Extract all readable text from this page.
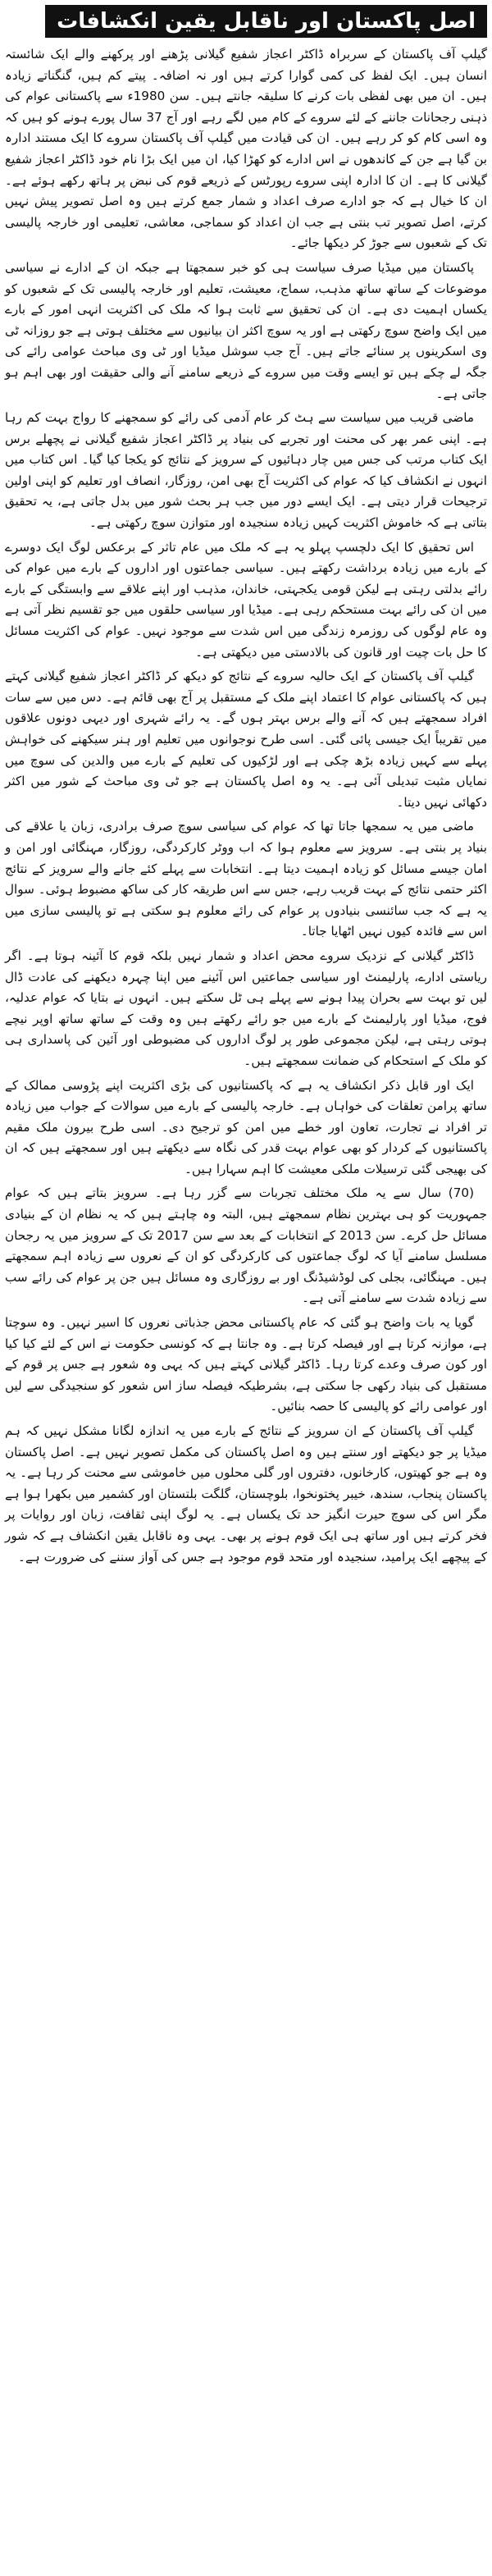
اصل پاکستان اور ناقابل یقین انکشافات

گیلپ آف پاکستان کے سربراہ ڈاکٹر اعجاز شفیع گیلانی پڑھنے اور پرکھنے والے ایک شائستہ انسان ہیں۔ ایک لفظ کی کمی گوارا کرتے ہیں اور نہ اضافہ۔ پیتے کم ہیں، گنگناتے زیادہ ہیں۔ ان میں بھی لفظی بات کرنے کا سلیقہ جانتے ہیں۔ سن 1980ء سے پاکستانی عوام کی ذہنی رجحانات جاننے کے لئے سروے کے کام میں لگے رہے اور آج 37 سال پورے ہونے کو ہیں کہ وہ اسی کام کو کر رہے ہیں۔ ان کی قیادت میں گیلپ آف پاکستان سروے کا ایک مستند ادارہ بن گیا ہے جن کے کاندھوں نے اس ادارے کو کھڑا کیا، ان میں ایک بڑا نام خود ڈاکٹر اعجاز شفیع گیلانی کا ہے۔ ان کا ادارہ اپنی سروے رپورٹس کے ذریعے قوم کی نبض پر ہاتھ رکھے ہوئے ہے۔ ان کا خیال ہے کہ جو ادارے صرف اعداد و شمار جمع کرتے ہیں وہ اصل تصویر پیش نہیں کرتے، اصل تصویر تب بنتی ہے جب ان اعداد کو سماجی، معاشی، تعلیمی اور خارجہ پالیسی تک کے شعبوں سے جوڑ کر دیکھا جائے۔

پاکستان میں میڈیا صرف سیاست ہی کو خبر سمجھتا ہے جبکہ ان کے ادارے نے سیاسی موضوعات کے ساتھ ساتھ مذہب، سماج، معیشت، تعلیم اور خارجہ پالیسی تک کے شعبوں کو یکساں اہمیت دی ہے۔ ان کی تحقیق سے ثابت ہوا کہ ملک کی اکثریت انہی امور کے بارے میں ایک واضح سوچ رکھتی ہے اور یہ سوچ اکثر ان بیانیوں سے مختلف ہوتی ہے جو روزانہ ٹی وی اسکرینوں پر سنائے جاتے ہیں۔ آج جب سوشل میڈیا اور ٹی وی مباحث عوامی رائے کی جگہ لے چکے ہیں تو ایسے وقت میں سروے کے ذریعے سامنے آنے والی حقیقت اور بھی اہم ہو جاتی ہے۔

ماضی قریب میں سیاست سے ہٹ کر عام آدمی کی رائے کو سمجھنے کا رواج بہت کم رہا ہے۔ اپنی عمر بھر کی محنت اور تجربے کی بنیاد پر ڈاکٹر اعجاز شفیع گیلانی نے پچھلے برس ایک کتاب مرتب کی جس میں چار دہائیوں کے سرویز کے نتائج کو یکجا کیا گیا۔ اس کتاب میں انہوں نے انکشاف کیا کہ عوام کی اکثریت آج بھی امن، روزگار، انصاف اور تعلیم کو اپنی اولین ترجیحات قرار دیتی ہے۔ ایک ایسے دور میں جب ہر بحث شور میں بدل جاتی ہے، یہ تحقیق بتاتی ہے کہ خاموش اکثریت کہیں زیادہ سنجیدہ اور متوازن سوچ رکھتی ہے۔

اس تحقیق کا ایک دلچسپ پہلو یہ ہے کہ ملک میں عام تاثر کے برعکس لوگ ایک دوسرے کے بارے میں زیادہ برداشت رکھتے ہیں۔ سیاسی جماعتوں اور اداروں کے بارے میں عوام کی رائے بدلتی رہتی ہے لیکن قومی یکجہتی، خاندان، مذہب اور اپنے علاقے سے وابستگی کے بارے میں ان کی رائے بہت مستحکم رہی ہے۔ میڈیا اور سیاسی حلقوں میں جو تقسیم نظر آتی ہے وہ عام لوگوں کی روزمرہ زندگی میں اس شدت سے موجود نہیں۔ عوام کی اکثریت مسائل کا حل بات چیت اور قانون کی بالادستی میں دیکھتی ہے۔

گیلپ آف پاکستان کے ایک حالیہ سروے کے نتائج کو دیکھ کر ڈاکٹر اعجاز شفیع گیلانی کہتے ہیں کہ پاکستانی عوام کا اعتماد اپنے ملک کے مستقبل پر آج بھی قائم ہے۔ دس میں سے سات افراد سمجھتے ہیں کہ آنے والے برس بہتر ہوں گے۔ یہ رائے شہری اور دیہی دونوں علاقوں میں تقریباً ایک جیسی پائی گئی۔ اسی طرح نوجوانوں میں تعلیم اور ہنر سیکھنے کی خواہش پہلے سے کہیں زیادہ بڑھ چکی ہے اور لڑکیوں کی تعلیم کے بارے میں والدین کی سوچ میں نمایاں مثبت تبدیلی آئی ہے۔ یہ وہ اصل پاکستان ہے جو ٹی وی مباحث کے شور میں اکثر دکھائی نہیں دیتا۔

ماضی میں یہ سمجھا جاتا تھا کہ عوام کی سیاسی سوچ صرف برادری، زبان یا علاقے کی بنیاد پر بنتی ہے۔ سرویز سے معلوم ہوا کہ اب ووٹر کارکردگی، روزگار، مہنگائی اور امن و امان جیسے مسائل کو زیادہ اہمیت دیتا ہے۔ انتخابات سے پہلے کئے جانے والے سرویز کے نتائج اکثر حتمی نتائج کے بہت قریب رہے، جس سے اس طریقہ کار کی ساکھ مضبوط ہوئی۔ سوال یہ ہے کہ جب سائنسی بنیادوں پر عوام کی رائے معلوم ہو سکتی ہے تو پالیسی سازی میں اس سے فائدہ کیوں نہیں اٹھایا جاتا۔

ڈاکٹر گیلانی کے نزدیک سروے محض اعداد و شمار نہیں بلکہ قوم کا آئینہ ہوتا ہے۔ اگر ریاستی ادارے، پارلیمنٹ اور سیاسی جماعتیں اس آئینے میں اپنا چہرہ دیکھنے کی عادت ڈال لیں تو بہت سے بحران پیدا ہونے سے پہلے ہی ٹل سکتے ہیں۔ انہوں نے بتایا کہ عوام عدلیہ، فوج، میڈیا اور پارلیمنٹ کے بارے میں جو رائے رکھتے ہیں وہ وقت کے ساتھ ساتھ اوپر نیچے ہوتی رہتی ہے، لیکن مجموعی طور پر لوگ اداروں کی مضبوطی اور آئین کی پاسداری ہی کو ملک کے استحکام کی ضمانت سمجھتے ہیں۔

ایک اور قابل ذکر انکشاف یہ ہے کہ پاکستانیوں کی بڑی اکثریت اپنے پڑوسی ممالک کے ساتھ پرامن تعلقات کی خواہاں ہے۔ خارجہ پالیسی کے بارے میں سوالات کے جواب میں زیادہ تر افراد نے تجارت، تعاون اور خطے میں امن کو ترجیح دی۔ اسی طرح بیرون ملک مقیم پاکستانیوں کے کردار کو بھی عوام بہت قدر کی نگاہ سے دیکھتے ہیں اور سمجھتے ہیں کہ ان کی بھیجی گئی ترسیلات ملکی معیشت کا اہم سہارا ہیں۔

(70) سال سے یہ ملک مختلف تجربات سے گزر رہا ہے۔ سرویز بتاتے ہیں کہ عوام جمہوریت کو ہی بہترین نظام سمجھتے ہیں، البتہ وہ چاہتے ہیں کہ یہ نظام ان کے بنیادی مسائل حل کرے۔ سن 2013 کے انتخابات کے بعد سے سن 2017 تک کے سرویز میں یہ رجحان مسلسل سامنے آیا کہ لوگ جماعتوں کی کارکردگی کو ان کے نعروں سے زیادہ اہم سمجھتے ہیں۔ مہنگائی، بجلی کی لوڈشیڈنگ اور بے روزگاری وہ مسائل ہیں جن پر عوام کی رائے سب سے زیادہ شدت سے سامنے آتی ہے۔

گویا یہ بات واضح ہو گئی کہ عام پاکستانی محض جذباتی نعروں کا اسیر نہیں۔ وہ سوچتا ہے، موازنہ کرتا ہے اور فیصلہ کرتا ہے۔ وہ جانتا ہے کہ کونسی حکومت نے اس کے لئے کیا کیا اور کون صرف وعدے کرتا رہا۔ ڈاکٹر گیلانی کہتے ہیں کہ یہی وہ شعور ہے جس پر قوم کے مستقبل کی بنیاد رکھی جا سکتی ہے، بشرطیکہ فیصلہ ساز اس شعور کو سنجیدگی سے لیں اور عوامی رائے کو پالیسی کا حصہ بنائیں۔

گیلپ آف پاکستان کے ان سرویز کے نتائج کے بارے میں یہ اندازہ لگانا مشکل نہیں کہ ہم میڈیا پر جو دیکھتے اور سنتے ہیں وہ اصل پاکستان کی مکمل تصویر نہیں ہے۔ اصل پاکستان وہ ہے جو کھیتوں، کارخانوں، دفتروں اور گلی محلوں میں خاموشی سے محنت کر رہا ہے۔ یہ پاکستان پنجاب، سندھ، خیبر پختونخوا، بلوچستان، گلگت بلتستان اور کشمیر میں بکھرا ہوا ہے مگر اس کی سوچ حیرت انگیز حد تک یکساں ہے۔ یہ لوگ اپنی ثقافت، زبان اور روایات پر فخر کرتے ہیں اور ساتھ ہی ایک قوم ہونے پر بھی۔ یہی وہ ناقابل یقین انکشاف ہے کہ شور کے پیچھے ایک پرامید، سنجیدہ اور متحد قوم موجود ہے جس کی آواز سننے کی ضرورت ہے۔
